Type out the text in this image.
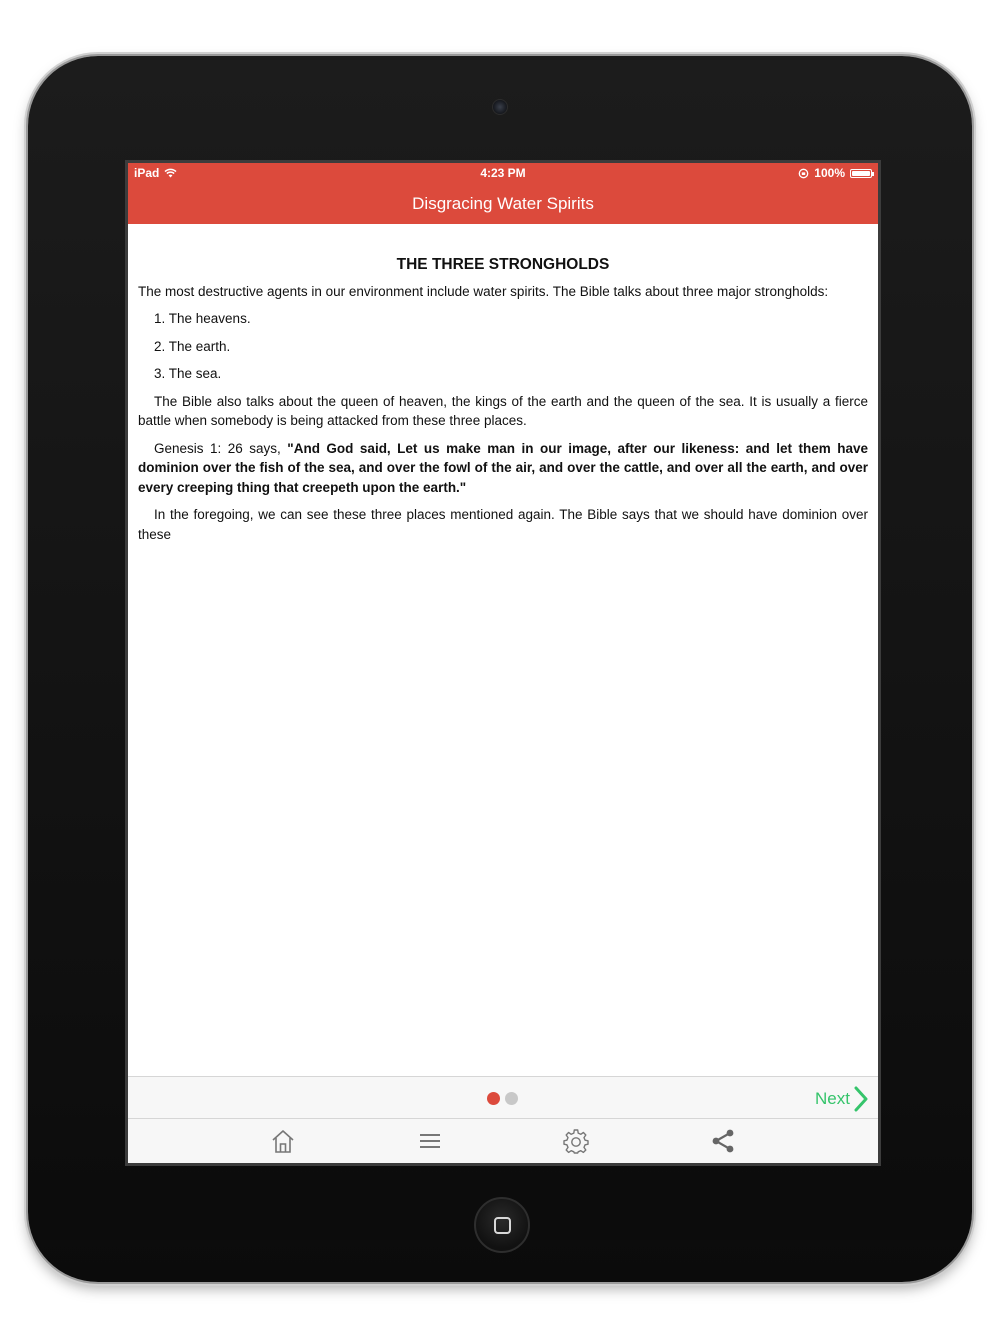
iPad	4:23 PM	100%
Disgracing Water Spirits
THE THREE STRONGHOLDS

The most destructive agents in our environment include water spirits. The Bible talks about three major strongholds:

1. The heavens.

2. The earth.

3. The sea.

The Bible also talks about the queen of heaven, the kings of the earth and the queen of the sea. It is usually a fierce battle when somebody is being attacked from these three places.

Genesis 1: 26 says, "And God said, Let us make man in our image, after our likeness: and let them have dominion over the fish of the sea, and over the fowl of the air, and over the cattle, and over all the earth, and over every creeping thing that creepeth upon the earth."

In the foregoing, we can see these three places mentioned again. The Bible says that we should have dominion over these

Next
